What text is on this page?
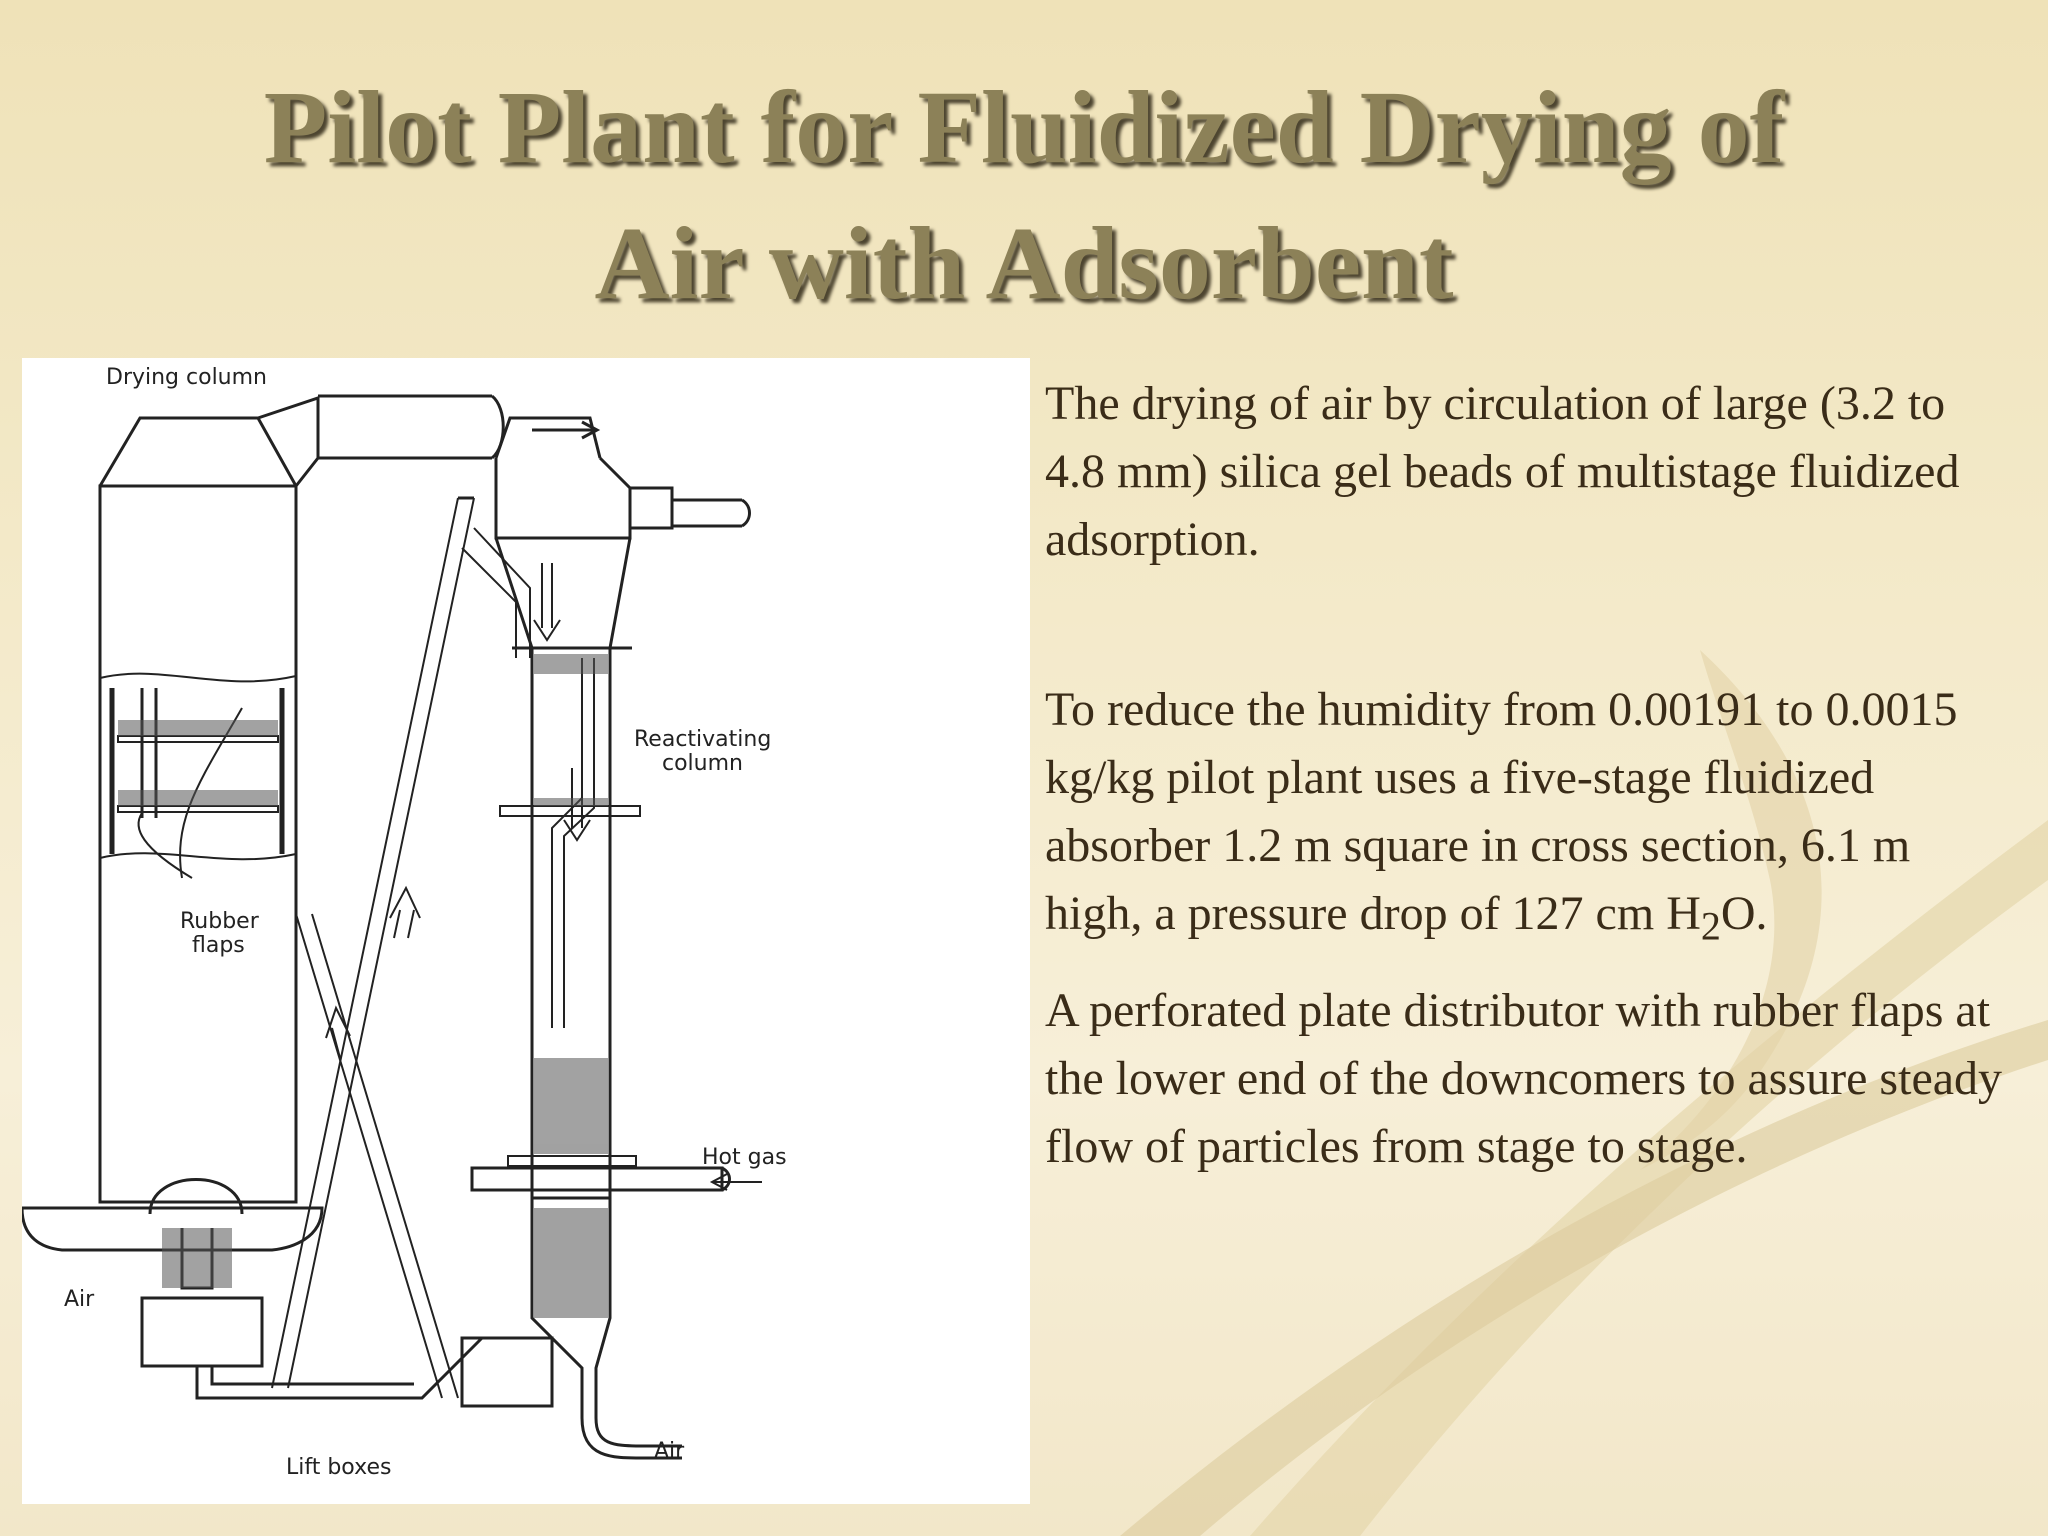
Pilot Plant for Fluidized Drying of
Air with Adsorbent
Drying column
Reactivating
column
Rubber
flaps
Hot gas
Air
Air
Lift boxes

The drying of air by circulation of large (3.2 to 4.8 mm) silica gel beads of multistage fluidized adsorption.

To reduce the humidity from 0.00191 to 0.0015 kg/kg pilot plant uses a five-stage fluidized absorber 1.2 m square in cross section, 6.1 m high, a pressure drop of 127 cm $H_2O$.

A perforated plate distributor with rubber flaps at the lower end of the downcomers to assure steady flow of particles from stage to stage.
